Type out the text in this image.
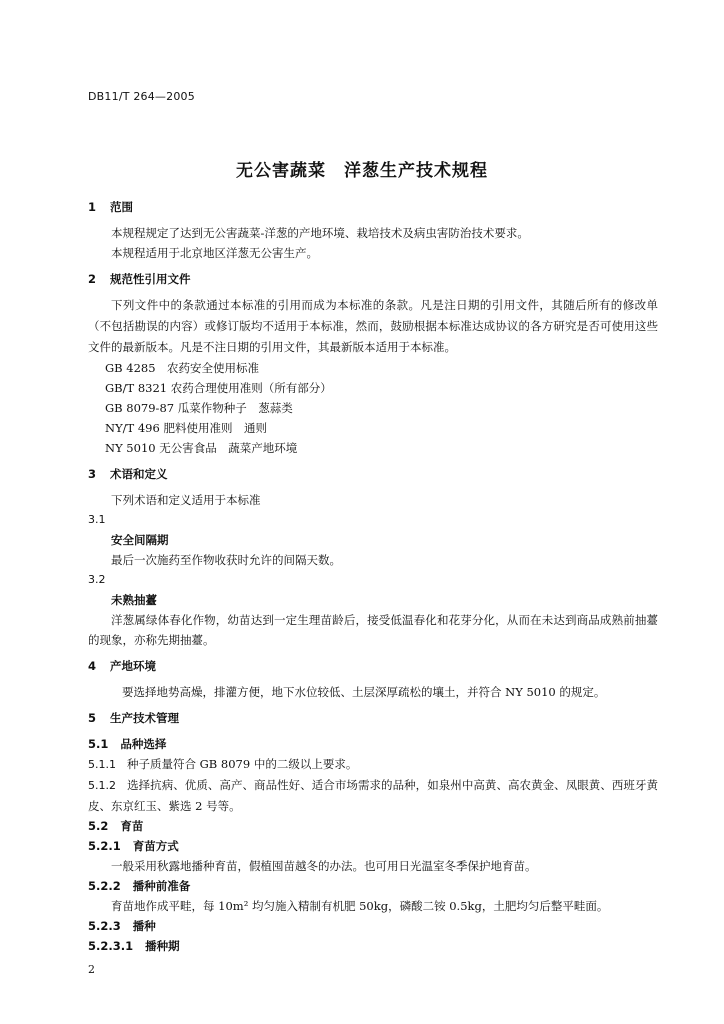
DB11/T 264—2005
无公害蔬菜　洋葱生产技术规程
1 范围
本规程规定了达到无公害蔬菜-洋葱的产地环境、栽培技术及病虫害防治技术要求。
本规程适用于北京地区洋葱无公害生产。
2 规范性引用文件
下列文件中的条款通过本标准的引用而成为本标准的条款。凡是注日期的引用文件，其随后所有的修改单（不包括勘误的内容）或修订版均不适用于本标准，然而，鼓励根据本标准达成协议的各方研究是否可使用这些文件的最新版本。凡是不注日期的引用文件，其最新版本适用于本标准。
GB 4285　农药安全使用标准
GB/T 8321 农药合理使用准则（所有部分）
GB 8079-87 瓜菜作物种子　葱蒜类
NY/T 496 肥料使用准则　通则
NY 5010 无公害食品　蔬菜产地环境
3 术语和定义
下列术语和定义适用于本标准
3.1
安全间隔期
最后一次施药至作物收获时允许的间隔天数。
3.2
未熟抽薹
洋葱属绿体春化作物，幼苗达到一定生理苗龄后，接受低温春化和花芽分化，从而在未达到商品成熟前抽薹的现象，亦称先期抽薹。
4 产地环境
要选择地势高燥，排灌方便，地下水位较低、土层深厚疏松的壤土，并符合 NY 5010 的规定。
5 生产技术管理
5.1 品种选择
5.1.1 种子质量符合 GB 8079 中的二级以上要求。
5.1.2 选择抗病、优质、高产、商品性好、适合市场需求的品种，如泉州中高黄、高农黄金、凤眼黄、西班牙黄皮、东京红玉、紫选 2 号等。
5.2 育苗
5.2.1 育苗方式
一般采用秋露地播种育苗，假植囤苗越冬的办法。也可用日光温室冬季保护地育苗。
5.2.2 播种前准备
育苗地作成平畦，每 10m² 均匀施入精制有机肥 50kg，磷酸二铵 0.5kg，土肥均匀后整平畦面。
5.2.3 播种
5.2.3.1 播种期
2
